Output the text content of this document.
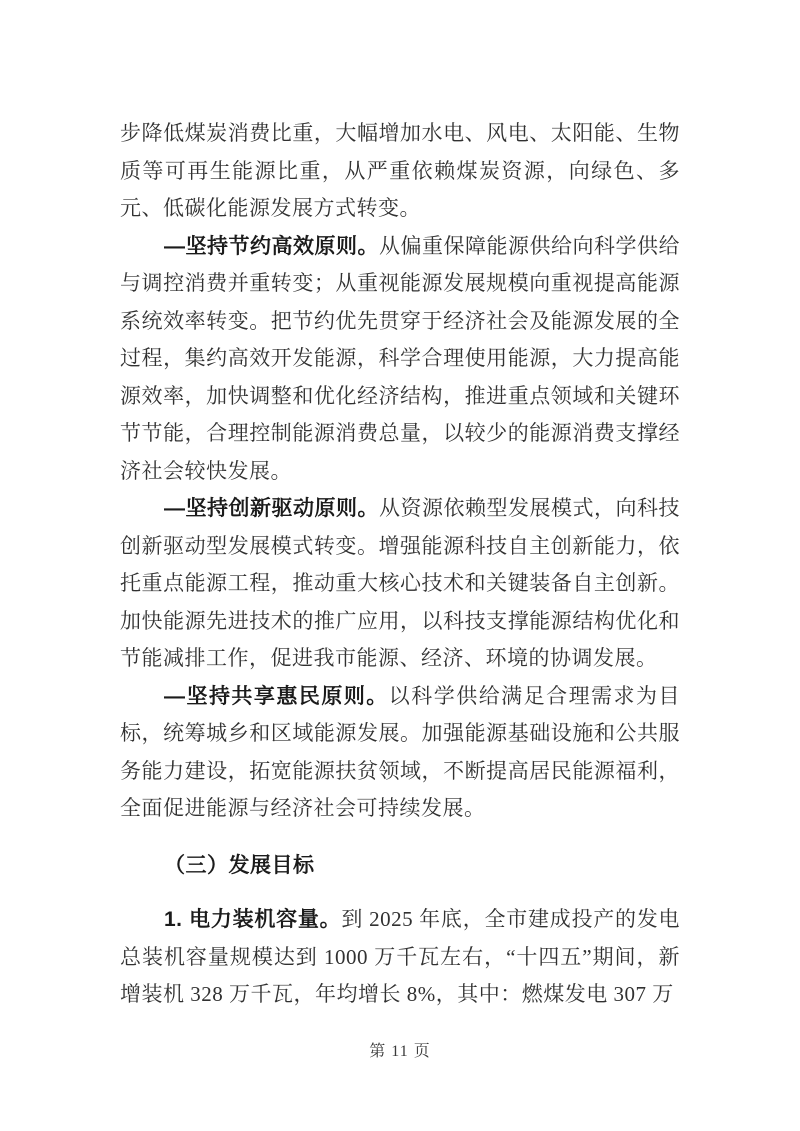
步降低煤炭消费比重，大幅增加水电、风电、太阳能、生物质等可再生能源比重，从严重依赖煤炭资源，向绿色、多元、低碳化能源发展方式转变。

—坚持节约高效原则。从偏重保障能源供给向科学供给与调控消费并重转变；从重视能源发展规模向重视提高能源系统效率转变。把节约优先贯穿于经济社会及能源发展的全过程，集约高效开发能源，科学合理使用能源，大力提高能源效率，加快调整和优化经济结构，推进重点领域和关键环节节能，合理控制能源消费总量，以较少的能源消费支撑经济社会较快发展。

—坚持创新驱动原则。从资源依赖型发展模式，向科技创新驱动型发展模式转变。增强能源科技自主创新能力，依托重点能源工程，推动重大核心技术和关键装备自主创新。加快能源先进技术的推广应用，以科技支撑能源结构优化和节能减排工作，促进我市能源、经济、环境的协调发展。

—坚持共享惠民原则。以科学供给满足合理需求为目标，统筹城乡和区域能源发展。加强能源基础设施和公共服务能力建设，拓宽能源扶贫领域，不断提高居民能源福利，全面促进能源与经济社会可持续发展。

（三）发展目标

1. 电力装机容量。到 2025 年底，全市建成投产的发电总装机容量规模达到 1000 万千瓦左右，“十四五”期间，新增装机 328 万千瓦，年均增长 8%，其中：燃煤发电 307 万

第 11 页
